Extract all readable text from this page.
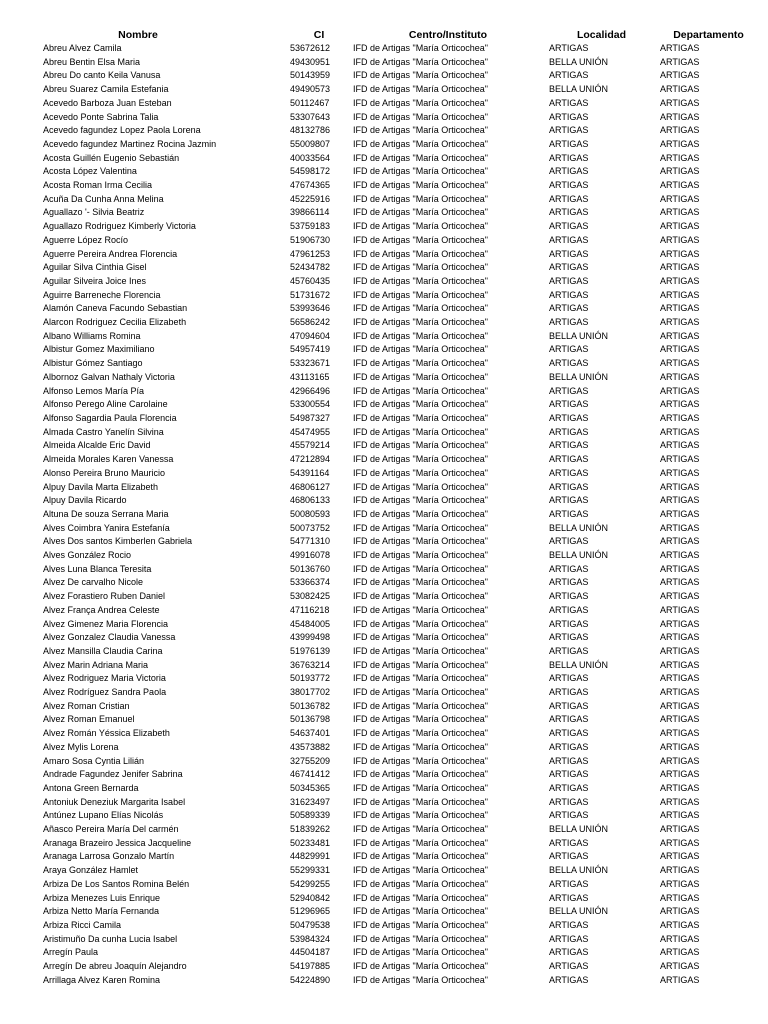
Nombre	CI	Centro/Instituto	Localidad	Departamento
Abreu Alvez Camila	53672612	IFD de Artigas "María Orticochea"	ARTIGAS	ARTIGAS
Abreu Bentin Elsa Maria	49430951	IFD de Artigas "María Orticochea"	BELLA UNIÓN	ARTIGAS
Abreu Do canto Keila Vanusa	50143959	IFD de Artigas "María Orticochea"	ARTIGAS	ARTIGAS
Abreu Suarez Camila Estefania	49490573	IFD de Artigas "María Orticochea"	BELLA UNIÓN	ARTIGAS
Acevedo Barboza Juan Esteban	50112467	IFD de Artigas "María Orticochea"	ARTIGAS	ARTIGAS
Acevedo Ponte Sabrina Talia	53307643	IFD de Artigas "María Orticochea"	ARTIGAS	ARTIGAS
Acevedo fagundez Lopez Paola Lorena	48132786	IFD de Artigas "María Orticochea"	ARTIGAS	ARTIGAS
Acevedo fagundez Martinez Rocina Jazmin	55009807	IFD de Artigas "María Orticochea"	ARTIGAS	ARTIGAS
Acosta Guillén Eugenio Sebastián	40033564	IFD de Artigas "María Orticochea"	ARTIGAS	ARTIGAS
Acosta López Valentina	54598172	IFD de Artigas "María Orticochea"	ARTIGAS	ARTIGAS
Acosta Roman Irma Cecilia	47674365	IFD de Artigas "María Orticochea"	ARTIGAS	ARTIGAS
Acuña Da Cunha Anna Melina	45225916	IFD de Artigas "María Orticochea"	ARTIGAS	ARTIGAS
Aguallazo '- Silvia Beatriz	39866114	IFD de Artigas "María Orticochea"	ARTIGAS	ARTIGAS
Aguallazo Rodriguez Kimberly Victoria	53759183	IFD de Artigas "María Orticochea"	ARTIGAS	ARTIGAS
Aguerre López Rocío	51906730	IFD de Artigas "María Orticochea"	ARTIGAS	ARTIGAS
Aguerre Pereira Andrea Florencia	47961253	IFD de Artigas "María Orticochea"	ARTIGAS	ARTIGAS
Aguilar Silva Cinthia Gisel	52434782	IFD de Artigas "María Orticochea"	ARTIGAS	ARTIGAS
Aguilar Silveira Joice Ines	45760435	IFD de Artigas "María Orticochea"	ARTIGAS	ARTIGAS
Aguirre Barreneche Florencia	51731672	IFD de Artigas "María Orticochea"	ARTIGAS	ARTIGAS
Alamón Caneva Facundo Sebastian	53993646	IFD de Artigas "María Orticochea"	ARTIGAS	ARTIGAS
Alarcon Rodriguez Cecilia Elizabeth	56586242	IFD de Artigas "María Orticochea"	ARTIGAS	ARTIGAS
Albano Williams Romina	47094604	IFD de Artigas "María Orticochea"	BELLA UNIÓN	ARTIGAS
Albistur Gomez Maximiliano	54957419	IFD de Artigas "María Orticochea"	ARTIGAS	ARTIGAS
Albistur Gómez Santiago	53323671	IFD de Artigas "María Orticochea"	ARTIGAS	ARTIGAS
Albornoz Galvan Nathaly Victoria	43113165	IFD de Artigas "María Orticochea"	BELLA UNIÓN	ARTIGAS
Alfonso Lemos María Pía	42966496	IFD de Artigas "María Orticochea"	ARTIGAS	ARTIGAS
Alfonso Perego Aline Carolaine	53300554	IFD de Artigas "María Orticochea"	ARTIGAS	ARTIGAS
Alfonso Sagardia Paula Florencia	54987327	IFD de Artigas "María Orticochea"	ARTIGAS	ARTIGAS
Almada Castro Yanelín Silvina	45474955	IFD de Artigas "María Orticochea"	ARTIGAS	ARTIGAS
Almeida Alcalde Eric David	45579214	IFD de Artigas "María Orticochea"	ARTIGAS	ARTIGAS
Almeida Morales Karen Vanessa	47212894	IFD de Artigas "María Orticochea"	ARTIGAS	ARTIGAS
Alonso Pereira Bruno Mauricio	54391164	IFD de Artigas "María Orticochea"	ARTIGAS	ARTIGAS
Alpuy Davila Marta Elizabeth	46806127	IFD de Artigas "María Orticochea"	ARTIGAS	ARTIGAS
Alpuy Davila Ricardo	46806133	IFD de Artigas "María Orticochea"	ARTIGAS	ARTIGAS
Altuna De souza Serrana Maria	50080593	IFD de Artigas "María Orticochea"	ARTIGAS	ARTIGAS
Alves Coimbra Yanira Estefanía	50073752	IFD de Artigas "María Orticochea"	BELLA UNIÓN	ARTIGAS
Alves Dos santos Kimberlen Gabriela	54771310	IFD de Artigas "María Orticochea"	ARTIGAS	ARTIGAS
Alves González Rocio	49916078	IFD de Artigas "María Orticochea"	BELLA UNIÓN	ARTIGAS
Alves Luna Blanca Teresita	50136760	IFD de Artigas "María Orticochea"	ARTIGAS	ARTIGAS
Alvez De carvalho Nicole	53366374	IFD de Artigas "María Orticochea"	ARTIGAS	ARTIGAS
Alvez Forastiero Ruben Daniel	53082425	IFD de Artigas "María Orticochea"	ARTIGAS	ARTIGAS
Alvez França Andrea Celeste	47116218	IFD de Artigas "María Orticochea"	ARTIGAS	ARTIGAS
Alvez Gimenez Maria Florencia	45484005	IFD de Artigas "María Orticochea"	ARTIGAS	ARTIGAS
Alvez Gonzalez Claudia Vanessa	43999498	IFD de Artigas "María Orticochea"	ARTIGAS	ARTIGAS
Alvez Mansilla Claudia Carina	51976139	IFD de Artigas "María Orticochea"	ARTIGAS	ARTIGAS
Alvez Marin Adriana Maria	36763214	IFD de Artigas "María Orticochea"	BELLA UNIÓN	ARTIGAS
Alvez Rodriguez Maria Victoria	50193772	IFD de Artigas "María Orticochea"	ARTIGAS	ARTIGAS
Alvez Rodríguez Sandra Paola	38017702	IFD de Artigas "María Orticochea"	ARTIGAS	ARTIGAS
Alvez Roman Cristian	50136782	IFD de Artigas "María Orticochea"	ARTIGAS	ARTIGAS
Alvez Roman Emanuel	50136798	IFD de Artigas "María Orticochea"	ARTIGAS	ARTIGAS
Alvez Román Yéssica Elizabeth	54637401	IFD de Artigas "María Orticochea"	ARTIGAS	ARTIGAS
Alvez Mylis Lorena	43573882	IFD de Artigas "María Orticochea"	ARTIGAS	ARTIGAS
Amaro Sosa Cyntia Lilián	32755209	IFD de Artigas "María Orticochea"	ARTIGAS	ARTIGAS
Andrade Fagundez Jenifer Sabrina	46741412	IFD de Artigas "María Orticochea"	ARTIGAS	ARTIGAS
Antona Green Bernarda	50345365	IFD de Artigas "María Orticochea"	ARTIGAS	ARTIGAS
Antoniuk Deneziuk Margarita Isabel	31623497	IFD de Artigas "María Orticochea"	ARTIGAS	ARTIGAS
Antúnez Lupano Elías Nicolás	50589339	IFD de Artigas "María Orticochea"	ARTIGAS	ARTIGAS
Añasco Pereira María Del carmén	51839262	IFD de Artigas "María Orticochea"	BELLA UNIÓN	ARTIGAS
Aranaga Brazeiro Jessica Jacqueline	50233481	IFD de Artigas "María Orticochea"	ARTIGAS	ARTIGAS
Aranaga Larrosa Gonzalo Martín	44829991	IFD de Artigas "María Orticochea"	ARTIGAS	ARTIGAS
Araya González Hamlet	55299331	IFD de Artigas "María Orticochea"	BELLA UNIÓN	ARTIGAS
Arbiza De Los Santos Romina Belén	54299255	IFD de Artigas "María Orticochea"	ARTIGAS	ARTIGAS
Arbiza Menezes Luis Enrique	52940842	IFD de Artigas "María Orticochea"	ARTIGAS	ARTIGAS
Arbiza Netto María Fernanda	51296965	IFD de Artigas "María Orticochea"	BELLA UNIÓN	ARTIGAS
Arbiza Ricci Camila	50479538	IFD de Artigas "María Orticochea"	ARTIGAS	ARTIGAS
Aristimuño Da cunha Lucia Isabel	53984324	IFD de Artigas "María Orticochea"	ARTIGAS	ARTIGAS
Arregín Paula	44504187	IFD de Artigas "María Orticochea"	ARTIGAS	ARTIGAS
Arregín De abreu Joaquín Alejandro	54197885	IFD de Artigas "María Orticochea"	ARTIGAS	ARTIGAS
Arrillaga Alvez Karen Romina	54224890	IFD de Artigas "María Orticochea"	ARTIGAS	ARTIGAS
